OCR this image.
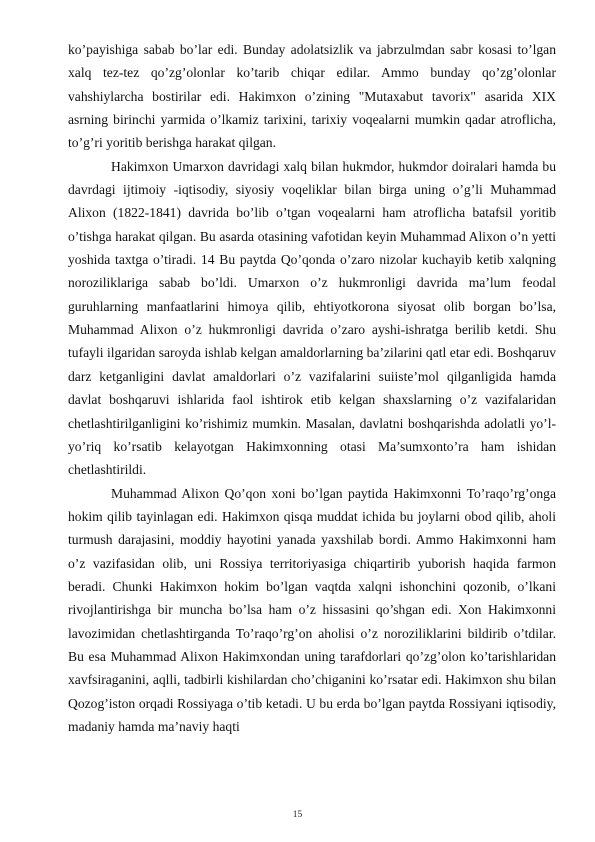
ko’payishiga sabab bo’lar edi. Bunday adolatsizlik va jabrzulmdan sabr kosasi to’lgan xalq tez-tez qo’zg’olonlar ko’tarib chiqar edilar. Ammo bunday qo’zg’olonlar vahshiylarcha bostirilar edi. Hakimxon o’zining "Mutaxabut tavorix" asarida XIX asrning birinchi yarmida o’lkamiz tarixini, tarixiy voqealarni mumkin qadar atroflicha, to’g’ri yoritib berishga harakat qilgan.

Hakimxon Umarxon davridagi xalq bilan hukmdor, hukmdor doiralari hamda bu davrdagi ijtimoiy -iqtisodiy, siyosiy voqeliklar bilan birga uning o’g’li Muhammad Alixon (1822-1841) davrida bo’lib o’tgan voqealarni ham atroflicha batafsil yoritib o’tishga harakat qilgan. Bu asarda otasining vafotidan keyin Muhammad Alixon o’n yetti yoshida taxtga o’tiradi. 14 Bu paytda Qo’qonda o’zaro nizolar kuchayib ketib xalqning noroziliklariga sabab bo’ldi. Umarxon o’z hukmronligi davrida ma’lum feodal guruhlarning manfaatlarini himoya qilib, ehtiyotkorona siyosat olib borgan bo’lsa, Muhammad Alixon o’z hukmronligi davrida o’zaro ayshi-ishratga berilib ketdi. Shu tufayli ilgaridan saroyda ishlab kelgan amaldorlarning ba’zilarini qatl etar edi. Boshqaruv darz ketganligini davlat amaldorlari o’z vazifalarini suiiste’mol qilganligida hamda davlat boshqaruvi ishlarida faol ishtirok etib kelgan shaxslarning o’z vazifalaridan chetlashtirilganligini ko’rishimiz mumkin. Masalan, davlatni boshqarishda adolatli yo’l-yo’riq ko’rsatib kelayotgan Hakimxonning otasi Ma’sumxonto’ra ham ishidan chetlashtirildi.

Muhammad Alixon Qo’qon xoni bo’lgan paytida Hakimxonni To’raqo’rg’onga hokim qilib tayinlagan edi. Hakimxon qisqa muddat ichida bu joylarni obod qilib, aholi turmush darajasini, moddiy hayotini yanada yaxshilab bordi. Ammo Hakimxonni ham o’z vazifasidan olib, uni Rossiya territoriyasiga chiqartirib yuborish haqida farmon beradi. Chunki Hakimxon hokim bo’lgan vaqtda xalqni ishonchini qozonib, o’lkani rivojlantirishga bir muncha bo’lsa ham o’z hissasini qo’shgan edi. Xon Hakimxonni lavozimidan chetlashtirganda To’raqo’rg’on aholisi o’z noroziliklarini bildirib o’tdilar. Bu esa Muhammad Alixon Hakimxondan uning tarafdorlari qo’zg’olon ko’tarishlaridan xavfsiraganini, aqlli, tadbirli kishilardan cho’chiganini ko’rsatar edi. Hakimxon shu bilan Qozog’iston orqadi Rossiyaga o’tib ketadi. U bu erda bo’lgan paytda Rossiyani iqtisodiy, madaniy hamda ma’naviy haqti

15
